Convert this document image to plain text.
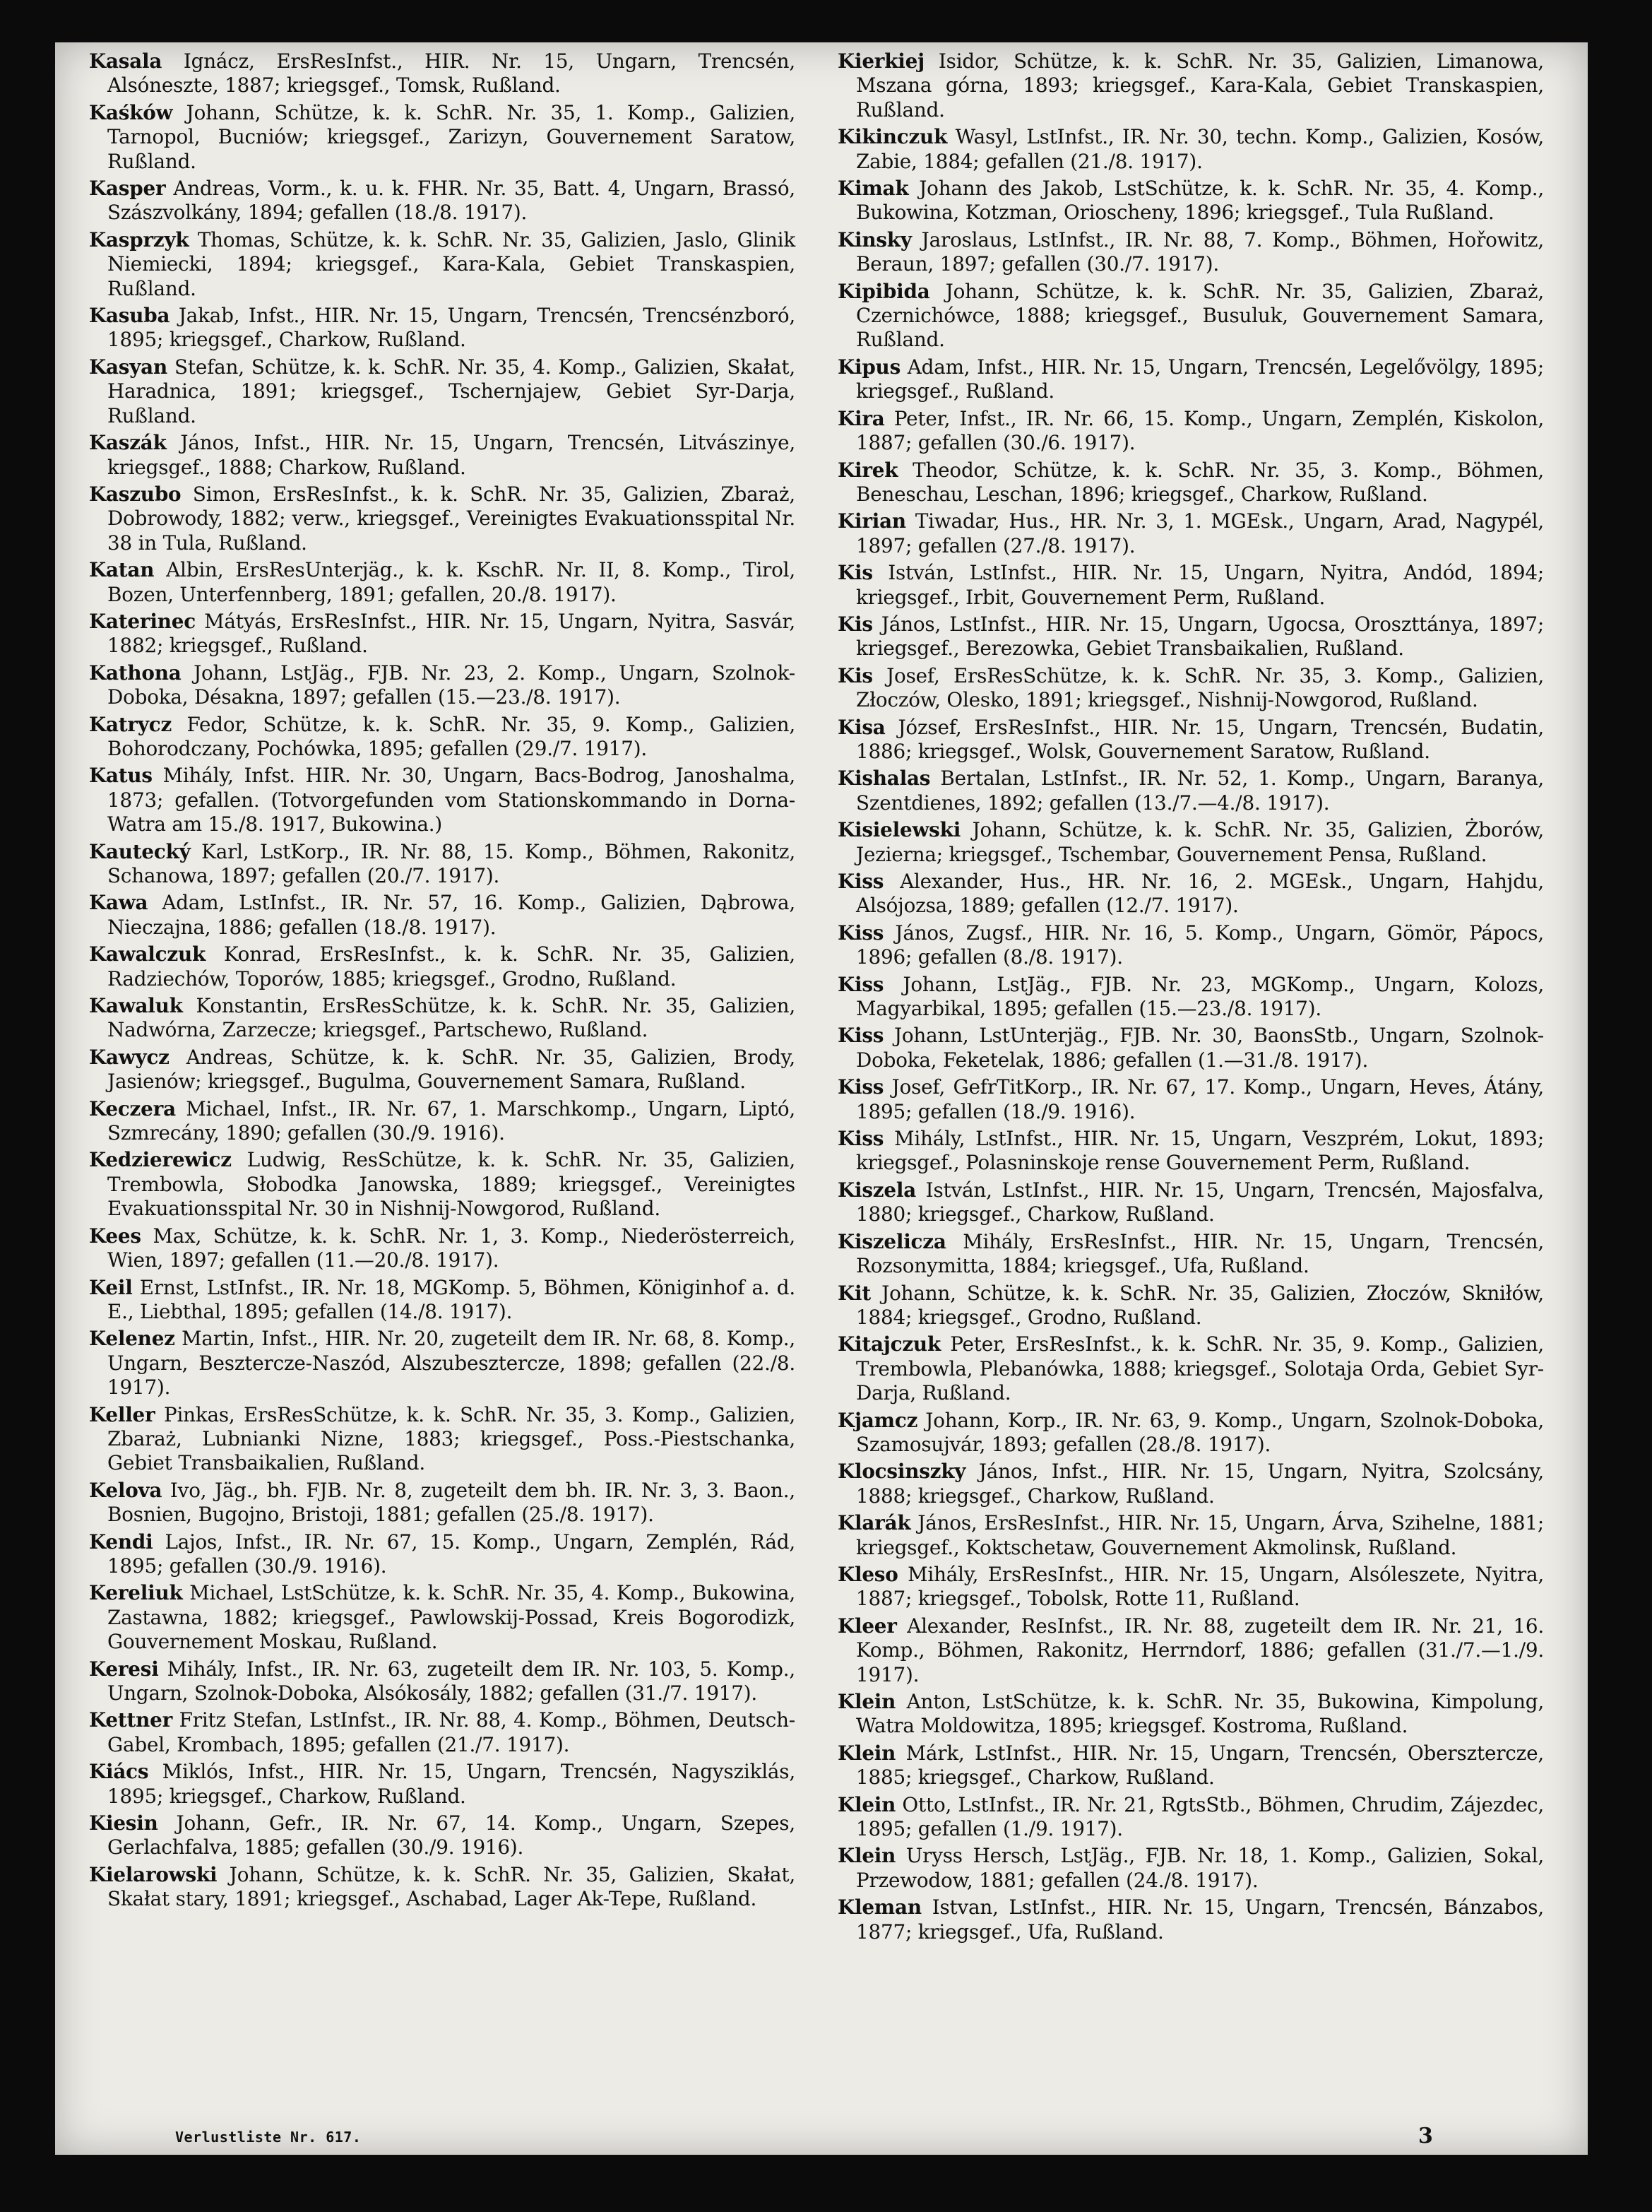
Kasala Ignácz, ErsResInfst., HIR. Nr. 15, Ungarn, Trencsén, Alsóneszte, 1887; kriegsgef., Tomsk, Rußland.

Kaśków Johann, Schütze, k. k. SchR. Nr. 35, 1. Komp., Galizien, Tarnopol, Bucniów; kriegsgef., Zarizyn, Gouvernement Saratow, Rußland.

Kasper Andreas, Vorm., k. u. k. FHR. Nr. 35, Batt. 4, Ungarn, Brassó, Szászvolkány, 1894; gefallen (18./8. 1917).

Kasprzyk Thomas, Schütze, k. k. SchR. Nr. 35, Galizien, Jaslo, Glinik Niemiecki, 1894; kriegsgef., Kara-Kala, Gebiet Transkaspien, Rußland.

Kasuba Jakab, Infst., HIR. Nr. 15, Ungarn, Trencsén, Trencsénzboró, 1895; kriegsgef., Charkow, Rußland.

Kasyan Stefan, Schütze, k. k. SchR. Nr. 35, 4. Komp., Galizien, Skałat, Haradnica, 1891; kriegsgef., Tschernjajew, Gebiet Syr-Darja, Rußland.

Kaszák János, Infst., HIR. Nr. 15, Ungarn, Trencsén, Litvászinye, kriegsgef., 1888; Charkow, Rußland.

Kaszubo Simon, ErsResInfst., k. k. SchR. Nr. 35, Galizien, Zbaraż, Dobrowody, 1882; verw., kriegsgef., Vereinigtes Evakuationsspital Nr. 38 in Tula, Rußland.

Katan Albin, ErsResUnterjäg., k. k. KschR. Nr. II, 8. Komp., Tirol, Bozen, Unterfennberg, 1891; gefallen, 20./8. 1917).

Katerinec Mátyás, ErsResInfst., HIR. Nr. 15, Ungarn, Nyitra, Sasvár, 1882; kriegsgef., Rußland.

Kathona Johann, LstJäg., FJB. Nr. 23, 2. Komp., Ungarn, Szolnok-Doboka, Désakna, 1897; gefallen (15.—23./8. 1917).

Katrycz Fedor, Schütze, k. k. SchR. Nr. 35, 9. Komp., Galizien, Bohorodczany, Pochówka, 1895; gefallen (29./7. 1917).

Katus Mihály, Infst. HIR. Nr. 30, Ungarn, Bacs-Bodrog, Janoshalma, 1873; gefallen. (Totvorgefunden vom Stationskommando in Dorna-Watra am 15./8. 1917, Bukowina.)

Kautecký Karl, LstKorp., IR. Nr. 88, 15. Komp., Böhmen, Rakonitz, Schanowa, 1897; gefallen (20./7. 1917).

Kawa Adam, LstInfst., IR. Nr. 57, 16. Komp., Galizien, Dąbrowa, Nieczajna, 1886; gefallen (18./8. 1917).

Kawalczuk Konrad, ErsResInfst., k. k. SchR. Nr. 35, Galizien, Radziechów, Toporów, 1885; kriegsgef., Grodno, Rußland.

Kawaluk Konstantin, ErsResSchütze, k. k. SchR. Nr. 35, Galizien, Nadwórna, Zarzecze; kriegsgef., Partschewo, Rußland.

Kawycz Andreas, Schütze, k. k. SchR. Nr. 35, Galizien, Brody, Jasienów; kriegsgef., Bugulma, Gouvernement Samara, Rußland.

Keczera Michael, Infst., IR. Nr. 67, 1. Marschkomp., Ungarn, Liptó, Szmrecány, 1890; gefallen (30./9. 1916).

Kedzierewicz Ludwig, ResSchütze, k. k. SchR. Nr. 35, Galizien, Trembowla, Słobodka Janowska, 1889; kriegsgef., Vereinigtes Evakuationsspital Nr. 30 in Nishnij-Nowgorod, Rußland.

Kees Max, Schütze, k. k. SchR. Nr. 1, 3. Komp., Niederösterreich, Wien, 1897; gefallen (11.—20./8. 1917).

Keil Ernst, LstInfst., IR. Nr. 18, MGKomp. 5, Böhmen, Königinhof a. d. E., Liebthal, 1895; gefallen (14./8. 1917).

Kelenez Martin, Infst., HIR. Nr. 20, zugeteilt dem IR. Nr. 68, 8. Komp., Ungarn, Beszterczе-Naszód, Alszubeszterczе, 1898; gefallen (22./8. 1917).

Keller Pinkas, ErsResSchütze, k. k. SchR. Nr. 35, 3. Komp., Galizien, Zbaraż, Lubnianki Nizne, 1883; kriegsgef., Poss.-Piestschanka, Gebiet Transbaikalien, Rußland.

Kelova Ivo, Jäg., bh. FJB. Nr. 8, zugeteilt dem bh. IR. Nr. 3, 3. Baon., Bosnien, Bugojno, Bristoji, 1881; gefallen (25./8. 1917).

Kendi Lajos, Infst., IR. Nr. 67, 15. Komp., Ungarn, Zemplén, Rád, 1895; gefallen (30./9. 1916).

Kereliuk Michael, LstSchütze, k. k. SchR. Nr. 35, 4. Komp., Bukowina, Zastawna, 1882; kriegsgef., Pawlowskij-Possad, Kreis Bogorodizk, Gouvernement Moskau, Rußland.

Keresi Mihály, Infst., IR. Nr. 63, zugeteilt dem IR. Nr. 103, 5. Komp., Ungarn, Szolnok-Doboka, Alsókosály, 1882; gefallen (31./7. 1917).

Kettner Fritz Stefan, LstInfst., IR. Nr. 88, 4. Komp., Böhmen, Deutsch-Gabel, Krombach, 1895; gefallen (21./7. 1917).

Kiács Miklós, Infst., HIR. Nr. 15, Ungarn, Trencsén, Nagysziklás, 1895; kriegsgef., Charkow, Rußland.

Kiesin Johann, Gefr., IR. Nr. 67, 14. Komp., Ungarn, Szepes, Gerlachfalva, 1885; gefallen (30./9. 1916).

Kielarowski Johann, Schütze, k. k. SchR. Nr. 35, Galizien, Skałat, Skałat stary, 1891; kriegsgef., Aschabad, Lager Ak-Tepe, Rußland.

Kierkiej Isidor, Schütze, k. k. SchR. Nr. 35, Galizien, Limanowa, Mszana górna, 1893; kriegsgef., Kara-Kala, Gebiet Transkaspien, Rußland.

Kikinczuk Wasyl, LstInfst., IR. Nr. 30, techn. Komp., Galizien, Kosów, Zabie, 1884; gefallen (21./8. 1917).

Kimak Johann des Jakob, LstSchütze, k. k. SchR. Nr. 35, 4. Komp., Bukowina, Kotzman, Orioscheny, 1896; kriegsgef., Tula Rußland.

Kinsky Jaroslaus, LstInfst., IR. Nr. 88, 7. Komp., Böhmen, Hořowitz, Beraun, 1897; gefallen (30./7. 1917).

Kipibida Johann, Schütze, k. k. SchR. Nr. 35, Galizien, Zbaraż, Czernichówce, 1888; kriegsgef., Busuluk, Gouvernement Samara, Rußland.

Kipus Adam, Infst., HIR. Nr. 15, Ungarn, Trencsén, Legelővölgy, 1895; kriegsgef., Rußland.

Kira Peter, Infst., IR. Nr. 66, 15. Komp., Ungarn, Zemplén, Kiskolon, 1887; gefallen (30./6. 1917).

Kirek Theodor, Schütze, k. k. SchR. Nr. 35, 3. Komp., Böhmen, Beneschau, Leschan, 1896; kriegsgef., Charkow, Rußland.

Kirian Tiwadar, Hus., HR. Nr. 3, 1. MGEsk., Ungarn, Arad, Nagypél, 1897; gefallen (27./8. 1917).

Kis István, LstInfst., HIR. Nr. 15, Ungarn, Nyitra, Andód, 1894; kriegsgef., Irbit, Gouvernement Perm, Rußland.

Kis János, LstInfst., HIR. Nr. 15, Ungarn, Ugocsa, Oroszttánya, 1897; kriegsgef., Berezowka, Gebiet Transbaikalien, Rußland.

Kis Josef, ErsResSchütze, k. k. SchR. Nr. 35, 3. Komp., Galizien, Złoczów, Olesko, 1891; kriegsgef., Nishnij-Nowgorod, Rußland.

Kisa József, ErsResInfst., HIR. Nr. 15, Ungarn, Trencsén, Budatin, 1886; kriegsgef., Wolsk, Gouvernement Saratow, Rußland.

Kishalas Bertalan, LstInfst., IR. Nr. 52, 1. Komp., Ungarn, Baranya, Szentdienes, 1892; gefallen (13./7.—4./8. 1917).

Kisielewski Johann, Schütze, k. k. SchR. Nr. 35, Galizien, Żborów, Jezierna; kriegsgef., Tschembar, Gouvernement Pensa, Rußland.

Kiss Alexander, Hus., HR. Nr. 16, 2. MGEsk., Ungarn, Hahjdu, Alsójozsa, 1889; gefallen (12./7. 1917).

Kiss János, Zugsf., HIR. Nr. 16, 5. Komp., Ungarn, Gömör, Pápocs, 1896; gefallen (8./8. 1917).

Kiss Johann, LstJäg., FJB. Nr. 23, MGKomp., Ungarn, Kolozs, Magyarbikal, 1895; gefallen (15.—23./8. 1917).

Kiss Johann, LstUnterjäg., FJB. Nr. 30, BaonsStb., Ungarn, Szolnok-Doboka, Feketelak, 1886; gefallen (1.—31./8. 1917).

Kiss Josef, GefrTitKorp., IR. Nr. 67, 17. Komp., Ungarn, Heves, Átány, 1895; gefallen (18./9. 1916).

Kiss Mihály, LstInfst., HIR. Nr. 15, Ungarn, Veszprém, Lokut, 1893; kriegsgef., Polasninskoje rense Gouvernement Perm, Rußland.

Kiszela István, LstInfst., HIR. Nr. 15, Ungarn, Trencsén, Majosfalva, 1880; kriegsgef., Charkow, Rußland.

Kiszelicza Mihály, ErsResInfst., HIR. Nr. 15, Ungarn, Trencsén, Rozsonymitta, 1884; kriegsgef., Ufa, Rußland.

Kit Johann, Schütze, k. k. SchR. Nr. 35, Galizien, Złoczów, Skniłów, 1884; kriegsgef., Grodno, Rußland.

Kitajczuk Peter, ErsResInfst., k. k. SchR. Nr. 35, 9. Komp., Galizien, Trembowla, Plebanówka, 1888; kriegsgef., Solotaja Orda, Gebiet Syr-Darja, Rußland.

Kjamcz Johann, Korp., IR. Nr. 63, 9. Komp., Ungarn, Szolnok-Doboka, Szamosujvár, 1893; gefallen (28./8. 1917).

Klocsinszky János, Infst., HIR. Nr. 15, Ungarn, Nyitra, Szolcsány, 1888; kriegsgef., Charkow, Rußland.

Klarák János, ErsResInfst., HIR. Nr. 15, Ungarn, Árva, Szihelne, 1881; kriegsgef., Koktschetaw, Gouvernement Akmolinsk, Rußland.

Kleso Mihály, ErsResInfst., HIR. Nr. 15, Ungarn, Alsóleszete, Nyitra, 1887; kriegsgef., Tobolsk, Rotte 11, Rußland.

Kleer Alexander, ResInfst., IR. Nr. 88, zugeteilt dem IR. Nr. 21, 16. Komp., Böhmen, Rakonitz, Herrndorf, 1886; gefallen (31./7.—1./9. 1917).

Klein Anton, LstSchütze, k. k. SchR. Nr. 35, Bukowina, Kimpolung, Watra Moldowitza, 1895; kriegsgef. Kostroma, Rußland.

Klein Márk, LstInfst., HIR. Nr. 15, Ungarn, Trencsén, Oberszterczе, 1885; kriegsgef., Charkow, Rußland.

Klein Otto, LstInfst., IR. Nr. 21, RgtsStb., Böhmen, Chrudim, Zájezdec, 1895; gefallen (1./9. 1917).

Klein Uryss Hersch, LstJäg., FJB. Nr. 18, 1. Komp., Galizien, Sokal, Przewodow, 1881; gefallen (24./8. 1917).

Kleman Istvan, LstInfst., HIR. Nr. 15, Ungarn, Trencsén, Bánzabos, 1877; kriegsgef., Ufa, Rußland.

Verlustliste Nr. 617.	3
